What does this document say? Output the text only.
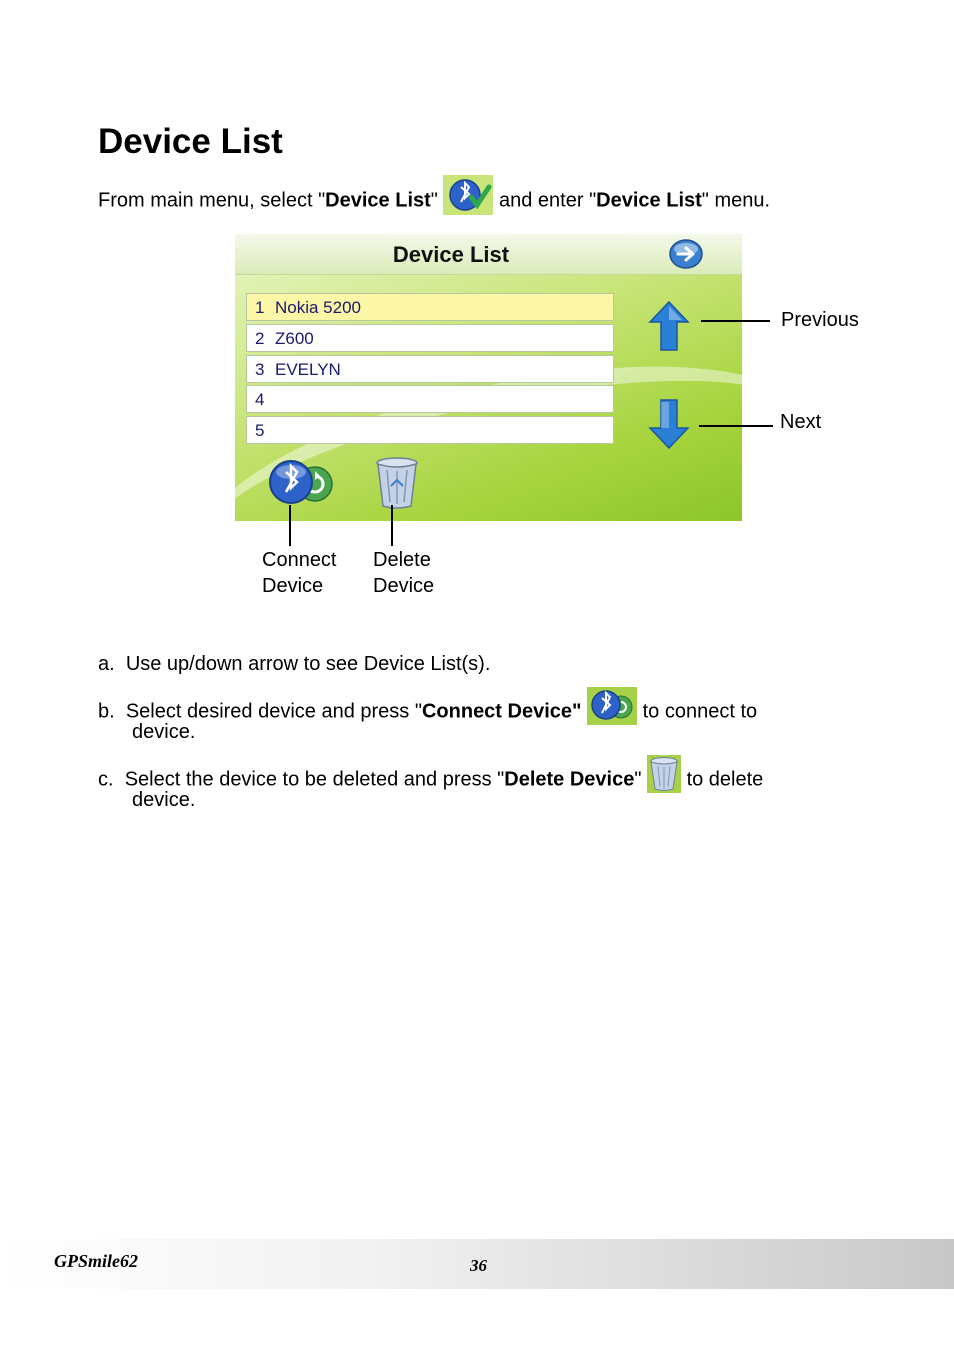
Device List
From main menu, select "Device List"	and enter "Device List" menu.
Device List
1 Nokia 5200
2 Z600
3 EVELYN
4
5
Previous
Next
Connect
Device
Delete
Device
a. Use up/down arrow to see Device List(s).
b. Select desired device and press "Connect Device"	to connect to
device.
c. Select the device to be deleted and press "Delete Device"  to delete
device.
GPSmile62	36
